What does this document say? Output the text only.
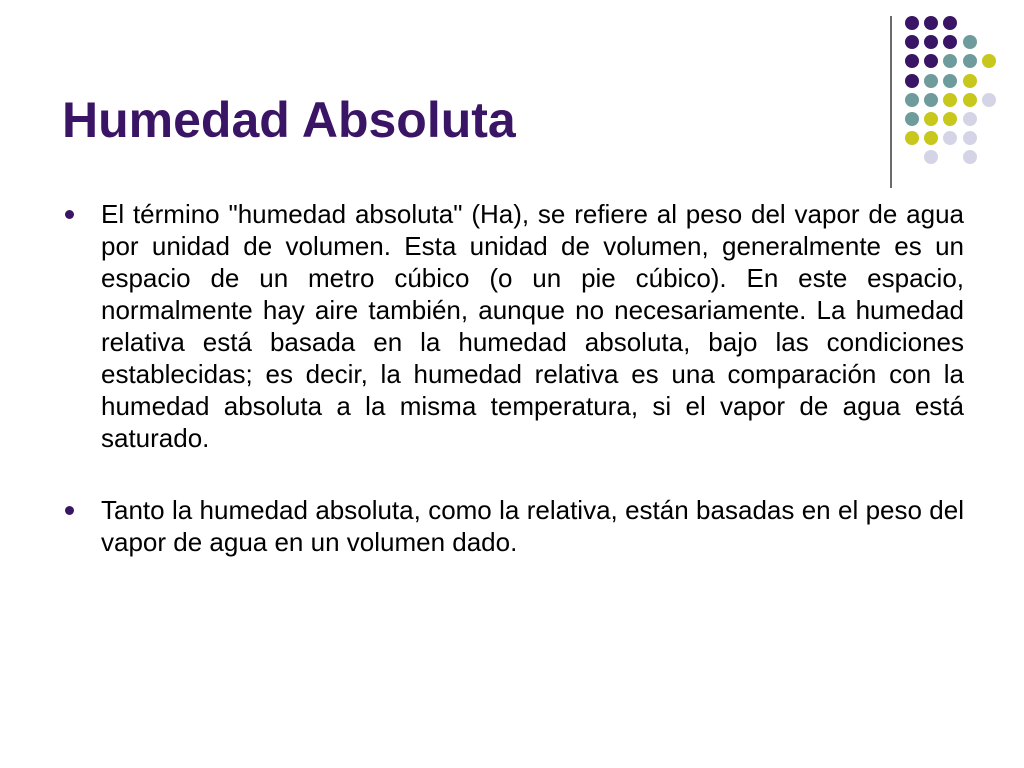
Humedad Absoluta
El término "humedad absoluta" (Ha), se refiere al peso del vapor de agua por unidad de volumen. Esta unidad de volumen, generalmente es un espacio de un metro cúbico (o un pie cúbico). En este espacio, normalmente hay aire también, aunque no necesariamente. La humedad relativa está basada en la humedad absoluta, bajo las condiciones establecidas; es decir, la humedad relativa es una comparación con la humedad absoluta a la misma temperatura, si el vapor de agua está saturado.
Tanto la humedad absoluta, como la relativa, están basadas en el peso del vapor de agua en un volumen dado.
